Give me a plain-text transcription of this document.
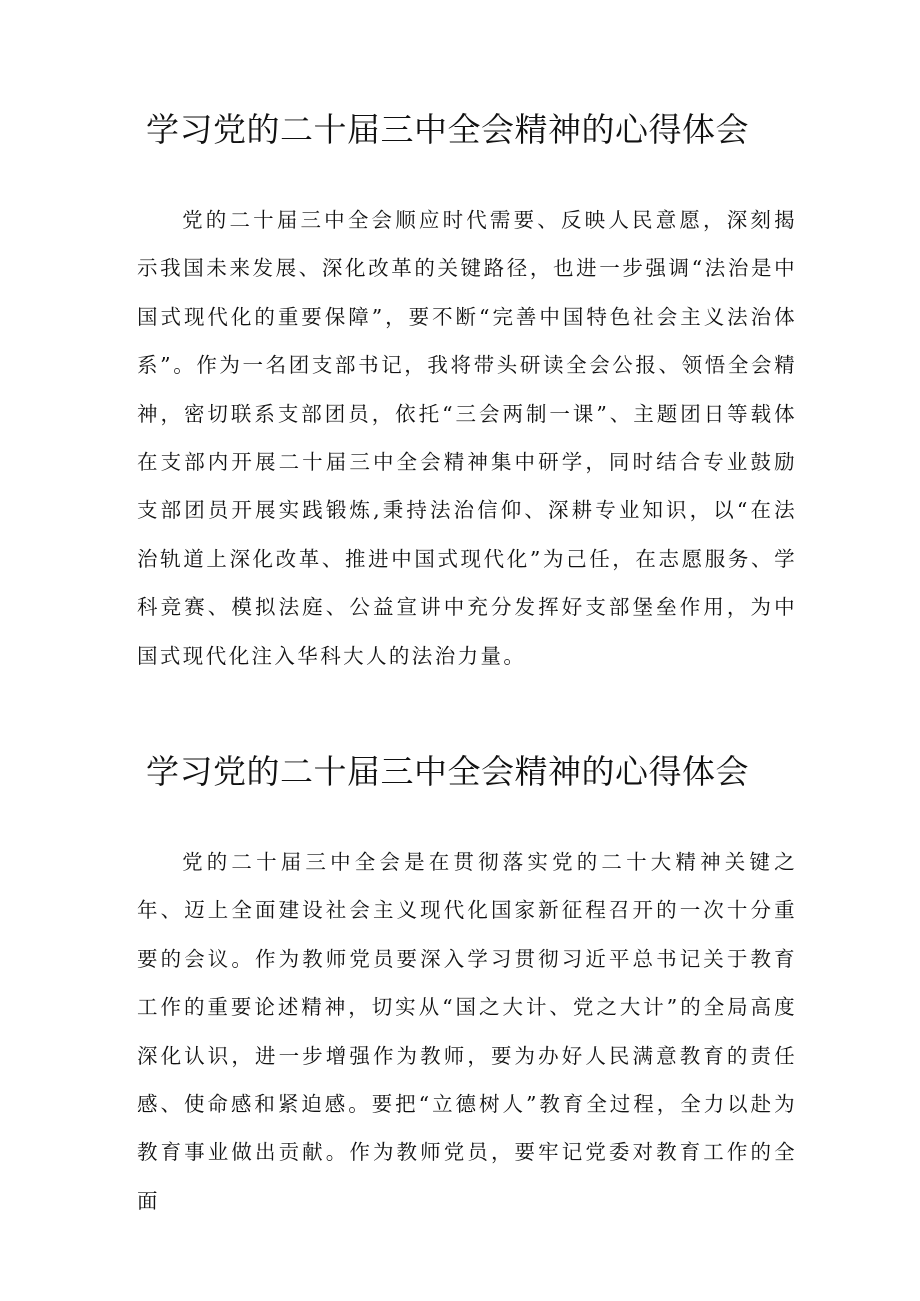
学习党的二十届三中全会精神的心得体会

党的二十届三中全会顺应时代需要、反映人民意愿，深刻揭示我国未来发展、深化改革的关键路径，也进一步强调“法治是中国式现代化的重要保障”，要不断“完善中国特色社会主义法治体系”。作为一名团支部书记，我将带头研读全会公报、领悟全会精神，密切联系支部团员，依托“三会两制一课”、主题团日等载体在支部内开展二十届三中全会精神集中研学，同时结合专业鼓励支部团员开展实践锻炼,秉持法治信仰、深耕专业知识，以“在法治轨道上深化改革、推进中国式现代化”为己任，在志愿服务、学科竞赛、模拟法庭、公益宣讲中充分发挥好支部堡垒作用，为中国式现代化注入华科大人的法治力量。

学习党的二十届三中全会精神的心得体会

党的二十届三中全会是在贯彻落实党的二十大精神关键之年、迈上全面建设社会主义现代化国家新征程召开的一次十分重要的会议。作为教师党员要深入学习贯彻习近平总书记关于教育工作的重要论述精神，切实从“国之大计、党之大计”的全局高度深化认识，进一步增强作为教师，要为办好人民满意教育的责任感、使命感和紧迫感。要把“立德树人”教育全过程，全力以赴为教育事业做出贡献。作为教师党员，要牢记党委对教育工作的全面
